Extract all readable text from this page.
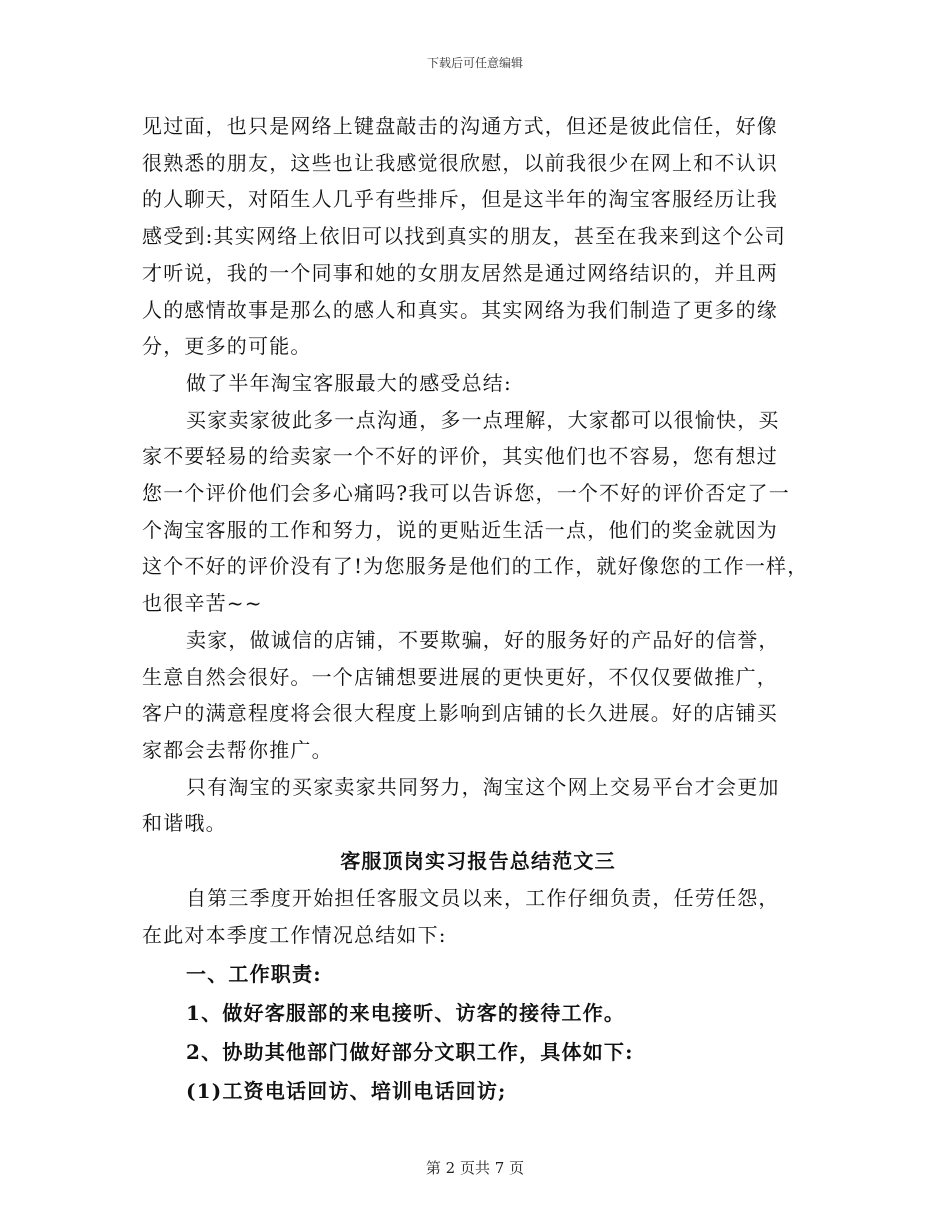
下载后可任意编辑

见过面，也只是网络上键盘敲击的沟通方式，但还是彼此信任，好像

很熟悉的朋友，这些也让我感觉很欣慰，以前我很少在网上和不认识

的人聊天，对陌生人几乎有些排斥，但是这半年的淘宝客服经历让我

感受到:其实网络上依旧可以找到真实的朋友，甚至在我来到这个公司

才听说，我的一个同事和她的女朋友居然是通过网络结识的，并且两

人的感情故事是那么的感人和真实。其实网络为我们制造了更多的缘

分，更多的可能。

做了半年淘宝客服最大的感受总结:

买家卖家彼此多一点沟通，多一点理解，大家都可以很愉快，买

家不要轻易的给卖家一个不好的评价，其实他们也不容易，您有想过

您一个评价他们会多心痛吗?我可以告诉您，一个不好的评价否定了一

个淘宝客服的工作和努力，说的更贴近生活一点，他们的奖金就因为

这个不好的评价没有了!为您服务是他们的工作，就好像您的工作一样，

也很辛苦~~

卖家，做诚信的店铺，不要欺骗，好的服务好的产品好的信誉，

生意自然会很好。一个店铺想要进展的更快更好，不仅仅要做推广，

客户的满意程度将会很大程度上影响到店铺的长久进展。好的店铺买

家都会去帮你推广。

只有淘宝的买家卖家共同努力，淘宝这个网上交易平台才会更加

和谐哦。

客服顶岗实习报告总结范文三

自第三季度开始担任客服文员以来，工作仔细负责，任劳任怨，

在此对本季度工作情况总结如下:

一、工作职责:

1、做好客服部的来电接听、访客的接待工作。

2、协助其他部门做好部分文职工作，具体如下:

(1)工资电话回访、培训电话回访;

第 2 页共 7 页
